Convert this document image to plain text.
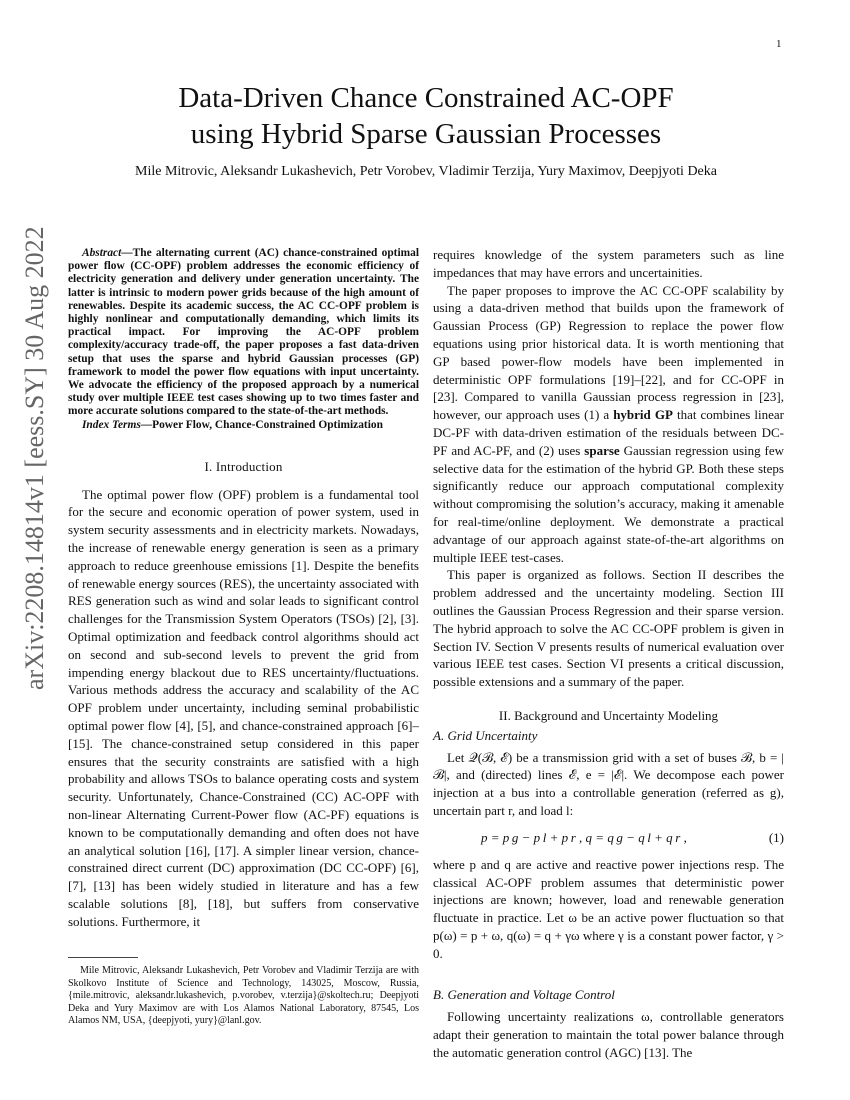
1
Data-Driven Chance Constrained AC-OPF
using Hybrid Sparse Gaussian Processes
Mile Mitrovic, Aleksandr Lukashevich, Petr Vorobev, Vladimir Terzija, Yury Maximov, Deepjyoti Deka
arXiv:2208.14814v1 [eess.SY] 30 Aug 2022	Abstract—The alternating current (AC) chance-constrained optimal power flow (CC-OPF) problem addresses the economic efficiency of electricity generation and delivery under generation uncertainty. The latter is intrinsic to modern power grids because of the high amount of renewables. Despite its academic success, the AC CC-OPF problem is highly nonlinear and computationally demanding, which limits its practical impact. For improving the AC-OPF problem complexity/accuracy trade-off, the paper proposes a fast data-driven setup that uses the sparse and hybrid Gaussian processes (GP) framework to model the power flow equations with input uncertainty. We advocate the efficiency of the proposed approach by a numerical study over multiple IEEE test cases showing up to two times faster and more accurate solutions compared to the state-of-the-art methods.

Index Terms—Power Flow, Chance-Constrained Optimization

I. Introduction

The optimal power flow (OPF) problem is a fundamental tool for the secure and economic operation of power system, used in system security assessments and in electricity markets. Nowadays, the increase of renewable energy generation is seen as a primary approach to reduce greenhouse emissions [1]. Despite the benefits of renewable energy sources (RES), the uncertainty associated with RES generation such as wind and solar leads to significant control challenges for the Transmission System Operators (TSOs) [2], [3]. Optimal optimization and feedback control algorithms should act on second and sub-second levels to prevent the grid from impending energy blackout due to RES uncertainty/fluctuations. Various methods address the accuracy and scalability of the AC OPF problem under uncertainty, including seminal probabilistic optimal power flow [4], [5], and chance-constrained approach [6]–[15]. The chance-constrained setup considered in this paper ensures that the security constraints are satisfied with a high probability and allows TSOs to balance operating costs and system security. Unfortunately, Chance-Constrained (CC) AC-OPF with non-linear Alternating Current-Power flow (AC-PF) equations is known to be computationally demanding and often does not have an analytical solution [16], [17]. A simpler linear version, chance-constrained direct current (DC) approximation (DC CC-OPF) [6], [7], [13] has been widely studied in literature and has a few scalable solutions [8], [18], but suffers from conservative solutions. Furthermore, it

Mile Mitrovic, Aleksandr Lukashevich, Petr Vorobev and Vladimir Terzija are with Skolkovo Institute of Science and Technology, 143025, Moscow, Russia, {mile.mitrovic, aleksandr.lukashevich, p.vorobev, v.terzija}@skoltech.ru; Deepjyoti Deka and Yury Maximov are with Los Alamos National Laboratory, 87545, Los Alamos NM, USA, {deepjyoti, yury}@lanl.gov.

requires knowledge of the system parameters such as line impedances that may have errors and uncertainities.

The paper proposes to improve the AC CC-OPF scalability by using a data-driven method that builds upon the framework of Gaussian Process (GP) Regression to replace the power flow equations using prior historical data. It is worth mentioning that GP based power-flow models have been implemented in deterministic OPF formulations [19]–[22], and for CC-OPF in [23]. Compared to vanilla Gaussian process regression in [23], however, our approach uses (1) a hybrid GP that combines linear DC-PF with data-driven estimation of the residuals between DC-PF and AC-PF, and (2) uses sparse Gaussian regression using few selective data for the estimation of the hybrid GP. Both these steps significantly reduce our approach computational complexity without compromising the solution’s accuracy, making it amenable for real-time/online deployment. We demonstrate a practical advantage of our approach against state-of-the-art algorithms on multiple IEEE test-cases.

This paper is organized as follows. Section II describes the problem addressed and the uncertainty modeling. Section III outlines the Gaussian Process Regression and their sparse version. The hybrid approach to solve the AC CC-OPF problem is given in Section IV. Section V presents results of numerical evaluation over various IEEE test cases. Section VI presents a critical discussion, possible extensions and a summary of the paper.

II. Background and Uncertainty Modeling
A. Grid Uncertainty

Let 𝒬(ℬ, ℰ) be a transmission grid with a set of buses ℬ, b = |ℬ|, and (directed) lines ℰ, e = |ℰ|. We decompose each power injection at a bus into a controllable generation (referred as g), uncertain part r, and load l:

p = p g − p l + p r , q = q g − q l + q r ,	(1)

where p and q are active and reactive power injections resp. The classical AC-OPF problem assumes that deterministic power injections are known; however, load and renewable generation fluctuate in practice. Let ω be an active power fluctuation so that p(ω) = p + ω, q(ω) = q + γω where γ is a constant power factor, γ > 0.

B. Generation and Voltage Control

Following uncertainty realizations ω, controllable generators adapt their generation to maintain the total power balance through the automatic generation control (AGC) [13]. The
